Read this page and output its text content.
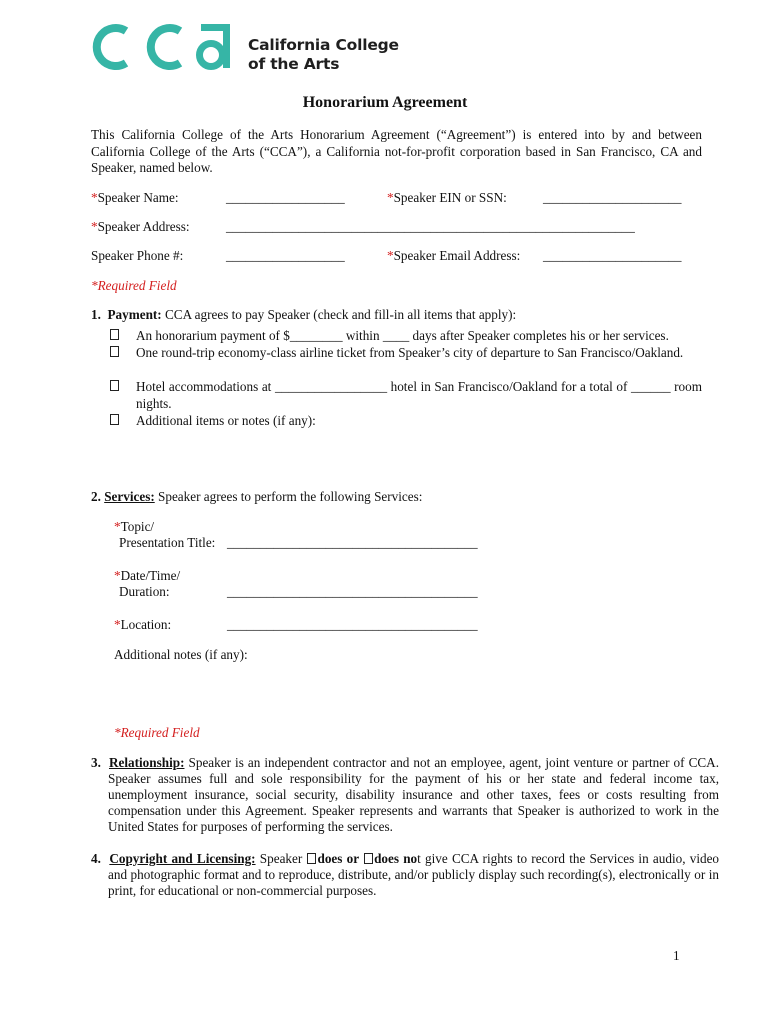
California College
of the Arts
Honorarium Agreement
This California College of the Arts Honorarium Agreement (“Agreement”) is entered into by and between California College of the Arts (“CCA”), a California not-for-profit corporation based in San Francisco, CA and Speaker, named below.
*Speaker Name:	__________________	*Speaker EIN or SSN:	_____________________
*Speaker Address:	______________________________________________________________
Speaker Phone #:	__________________	*Speaker Email Address: _____________________
*Required Field
1. Payment: CCA agrees to pay Speaker (check and fill-in all items that apply):
An honorarium payment of $________ within ____ days after Speaker completes his or her services.
One round-trip economy-class airline ticket from Speaker’s city of departure to San Francisco/Oakland.
Hotel accommodations at _________________ hotel in San Francisco/Oakland for a total of ______ room nights.
Additional items or notes (if any):
2. Services: Speaker agrees to perform the following Services:
*Topic/
Presentation Title: ______________________________________
*Date/Time/
Duration:	______________________________________
*Location:	______________________________________
Additional notes (if any):
*Required Field
3. Relationship: Speaker is an independent contractor and not an employee, agent, joint venture or partner of CCA. Speaker assumes full and sole responsibility for the payment of his or her state and federal income tax, unemployment insurance, social security, disability insurance and other taxes, fees or costs resulting from compensation under this Agreement. Speaker represents and warrants that Speaker is authorized to work in the United States for purposes of performing the services.
4. Copyright and Licensing: Speaker does or does not give CCA rights to record the Services in audio, video and photographic format and to reproduce, distribute, and/or publicly display such recording(s), electronically or in print, for educational or non-commercial purposes.
1
